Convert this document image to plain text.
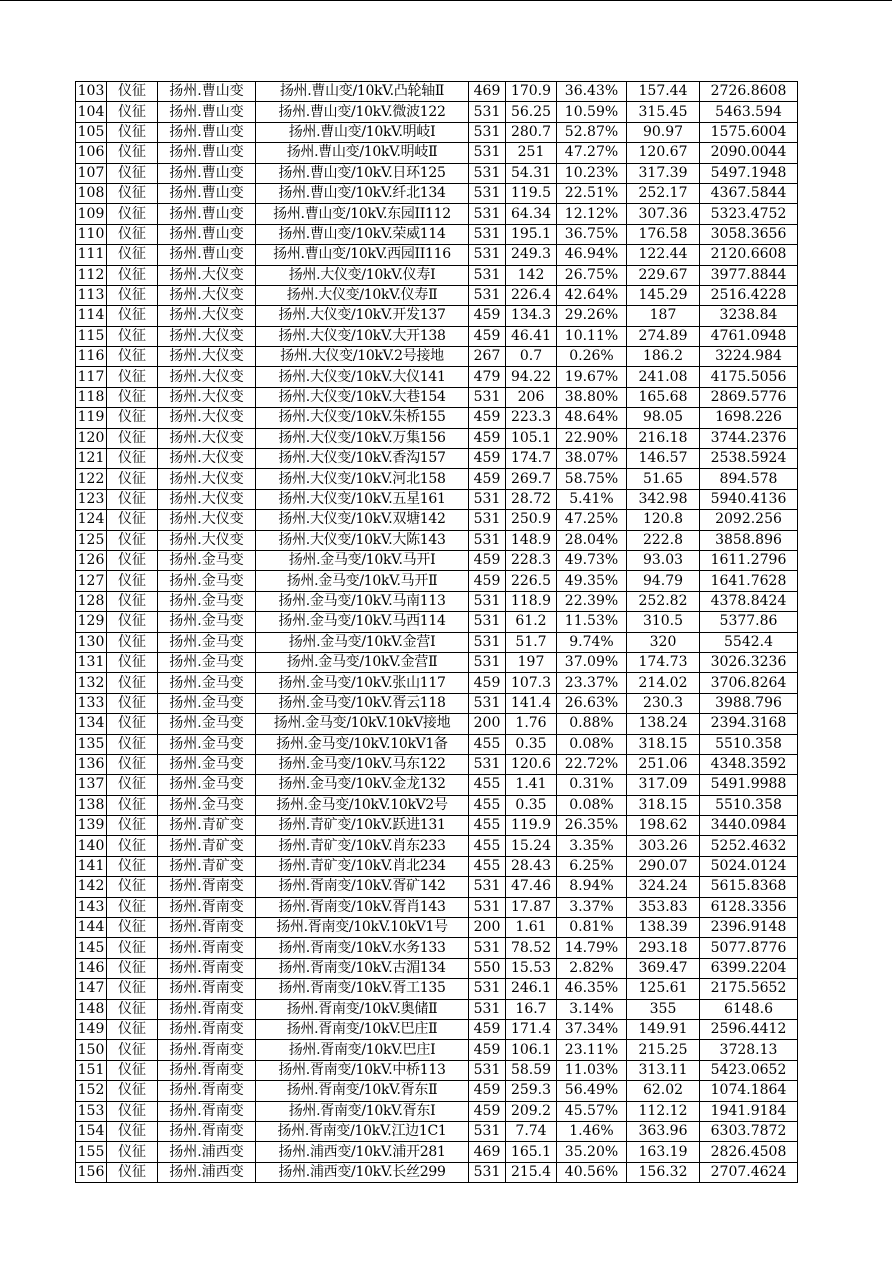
103	仪征	扬州.曹山变	扬州.曹山变/10kV.凸轮轴Ⅱ	469	170.9	36.43%	157.44	2726.8608
104	仪征	扬州.曹山变	扬州.曹山变/10kV.微波122	531	56.25	10.59%	315.45	5463.594
105	仪征	扬州.曹山变	扬州.曹山变/10kV.明岐Ⅰ	531	280.7	52.87%	90.97	1575.6004
106	仪征	扬州.曹山变	扬州.曹山变/10kV.明岐Ⅱ	531	251	47.27%	120.67	2090.0044
107	仪征	扬州.曹山变	扬州.曹山变/10kV.日环125	531	54.31	10.23%	317.39	5497.1948
108	仪征	扬州.曹山变	扬州.曹山变/10kV.纤北134	531	119.5	22.51%	252.17	4367.5844
109	仪征	扬州.曹山变	扬州.曹山变/10kV.东园II112	531	64.34	12.12%	307.36	5323.4752
110	仪征	扬州.曹山变	扬州.曹山变/10kV.荣威114	531	195.1	36.75%	176.58	3058.3656
111	仪征	扬州.曹山变	扬州.曹山变/10kV.西园II116	531	249.3	46.94%	122.44	2120.6608
112	仪征	扬州.大仪变	扬州.大仪变/10kV.仪寿Ⅰ	531	142	26.75%	229.67	3977.8844
113	仪征	扬州.大仪变	扬州.大仪变/10kV.仪寿Ⅱ	531	226.4	42.64%	145.29	2516.4228
114	仪征	扬州.大仪变	扬州.大仪变/10kV.开发137	459	134.3	29.26%	187	3238.84
115	仪征	扬州.大仪变	扬州.大仪变/10kV.大开138	459	46.41	10.11%	274.89	4761.0948
116	仪征	扬州.大仪变	扬州.大仪变/10kV.2号接地	267	0.7	0.26%	186.2	3224.984
117	仪征	扬州.大仪变	扬州.大仪变/10kV.大仪141	479	94.22	19.67%	241.08	4175.5056
118	仪征	扬州.大仪变	扬州.大仪变/10kV.大巷154	531	206	38.80%	165.68	2869.5776
119	仪征	扬州.大仪变	扬州.大仪变/10kV.朱桥155	459	223.3	48.64%	98.05	1698.226
120	仪征	扬州.大仪变	扬州.大仪变/10kV.万集156	459	105.1	22.90%	216.18	3744.2376
121	仪征	扬州.大仪变	扬州.大仪变/10kV.香沟157	459	174.7	38.07%	146.57	2538.5924
122	仪征	扬州.大仪变	扬州.大仪变/10kV.河北158	459	269.7	58.75%	51.65	894.578
123	仪征	扬州.大仪变	扬州.大仪变/10kV.五星161	531	28.72	5.41%	342.98	5940.4136
124	仪征	扬州.大仪变	扬州.大仪变/10kV.双塘142	531	250.9	47.25%	120.8	2092.256
125	仪征	扬州.大仪变	扬州.大仪变/10kV.大陈143	531	148.9	28.04%	222.8	3858.896
126	仪征	扬州.金马变	扬州.金马变/10kV.马开Ⅰ	459	228.3	49.73%	93.03	1611.2796
127	仪征	扬州.金马变	扬州.金马变/10kV.马开Ⅱ	459	226.5	49.35%	94.79	1641.7628
128	仪征	扬州.金马变	扬州.金马变/10kV.马南113	531	118.9	22.39%	252.82	4378.8424
129	仪征	扬州.金马变	扬州.金马变/10kV.马西114	531	61.2	11.53%	310.5	5377.86
130	仪征	扬州.金马变	扬州.金马变/10kV.金营Ⅰ	531	51.7	9.74%	320	5542.4
131	仪征	扬州.金马变	扬州.金马变/10kV.金营Ⅱ	531	197	37.09%	174.73	3026.3236
132	仪征	扬州.金马变	扬州.金马变/10kV.张山117	459	107.3	23.37%	214.02	3706.8264
133	仪征	扬州.金马变	扬州.金马变/10kV.胥云118	531	141.4	26.63%	230.3	3988.796
134	仪征	扬州.金马变	扬州.金马变/10kV.10kV接地	200	1.76	0.88%	138.24	2394.3168
135	仪征	扬州.金马变	扬州.金马变/10kV.10kV1备	455	0.35	0.08%	318.15	5510.358
136	仪征	扬州.金马变	扬州.金马变/10kV.马东122	531	120.6	22.72%	251.06	4348.3592
137	仪征	扬州.金马变	扬州.金马变/10kV.金龙132	455	1.41	0.31%	317.09	5491.9988
138	仪征	扬州.金马变	扬州.金马变/10kV.10kV2号	455	0.35	0.08%	318.15	5510.358
139	仪征	扬州.青矿变	扬州.青矿变/10kV.跃进131	455	119.9	26.35%	198.62	3440.0984
140	仪征	扬州.青矿变	扬州.青矿变/10kV.肖东233	455	15.24	3.35%	303.26	5252.4632
141	仪征	扬州.青矿变	扬州.青矿变/10kV.肖北234	455	28.43	6.25%	290.07	5024.0124
142	仪征	扬州.胥南变	扬州.胥南变/10kV.胥矿142	531	47.46	8.94%	324.24	5615.8368
143	仪征	扬州.胥南变	扬州.胥南变/10kV.胥肖143	531	17.87	3.37%	353.83	6128.3356
144	仪征	扬州.胥南变	扬州.胥南变/10kV.10kV1号	200	1.61	0.81%	138.39	2396.9148
145	仪征	扬州.胥南变	扬州.胥南变/10kV.水务133	531	78.52	14.79%	293.18	5077.8776
146	仪征	扬州.胥南变	扬州.胥南变/10kV.古湄134	550	15.53	2.82%	369.47	6399.2204
147	仪征	扬州.胥南变	扬州.胥南变/10kV.胥工135	531	246.1	46.35%	125.61	2175.5652
148	仪征	扬州.胥南变	扬州.胥南变/10kV.奥储Ⅱ	531	16.7	3.14%	355	6148.6
149	仪征	扬州.胥南变	扬州.胥南变/10kV.巴庄Ⅱ	459	171.4	37.34%	149.91	2596.4412
150	仪征	扬州.胥南变	扬州.胥南变/10kV.巴庄Ⅰ	459	106.1	23.11%	215.25	3728.13
151	仪征	扬州.胥南变	扬州.胥南变/10kV.中桥113	531	58.59	11.03%	313.11	5423.0652
152	仪征	扬州.胥南变	扬州.胥南变/10kV.胥东Ⅱ	459	259.3	56.49%	62.02	1074.1864
153	仪征	扬州.胥南变	扬州.胥南变/10kV.胥东Ⅰ	459	209.2	45.57%	112.12	1941.9184
154	仪征	扬州.胥南变	扬州.胥南变/10kV.江边1C1	531	7.74	1.46%	363.96	6303.7872
155	仪征	扬州.浦西变	扬州.浦西变/10kV.浦开281	469	165.1	35.20%	163.19	2826.4508
156	仪征	扬州.浦西变	扬州.浦西变/10kV.长丝299	531	215.4	40.56%	156.32	2707.4624
